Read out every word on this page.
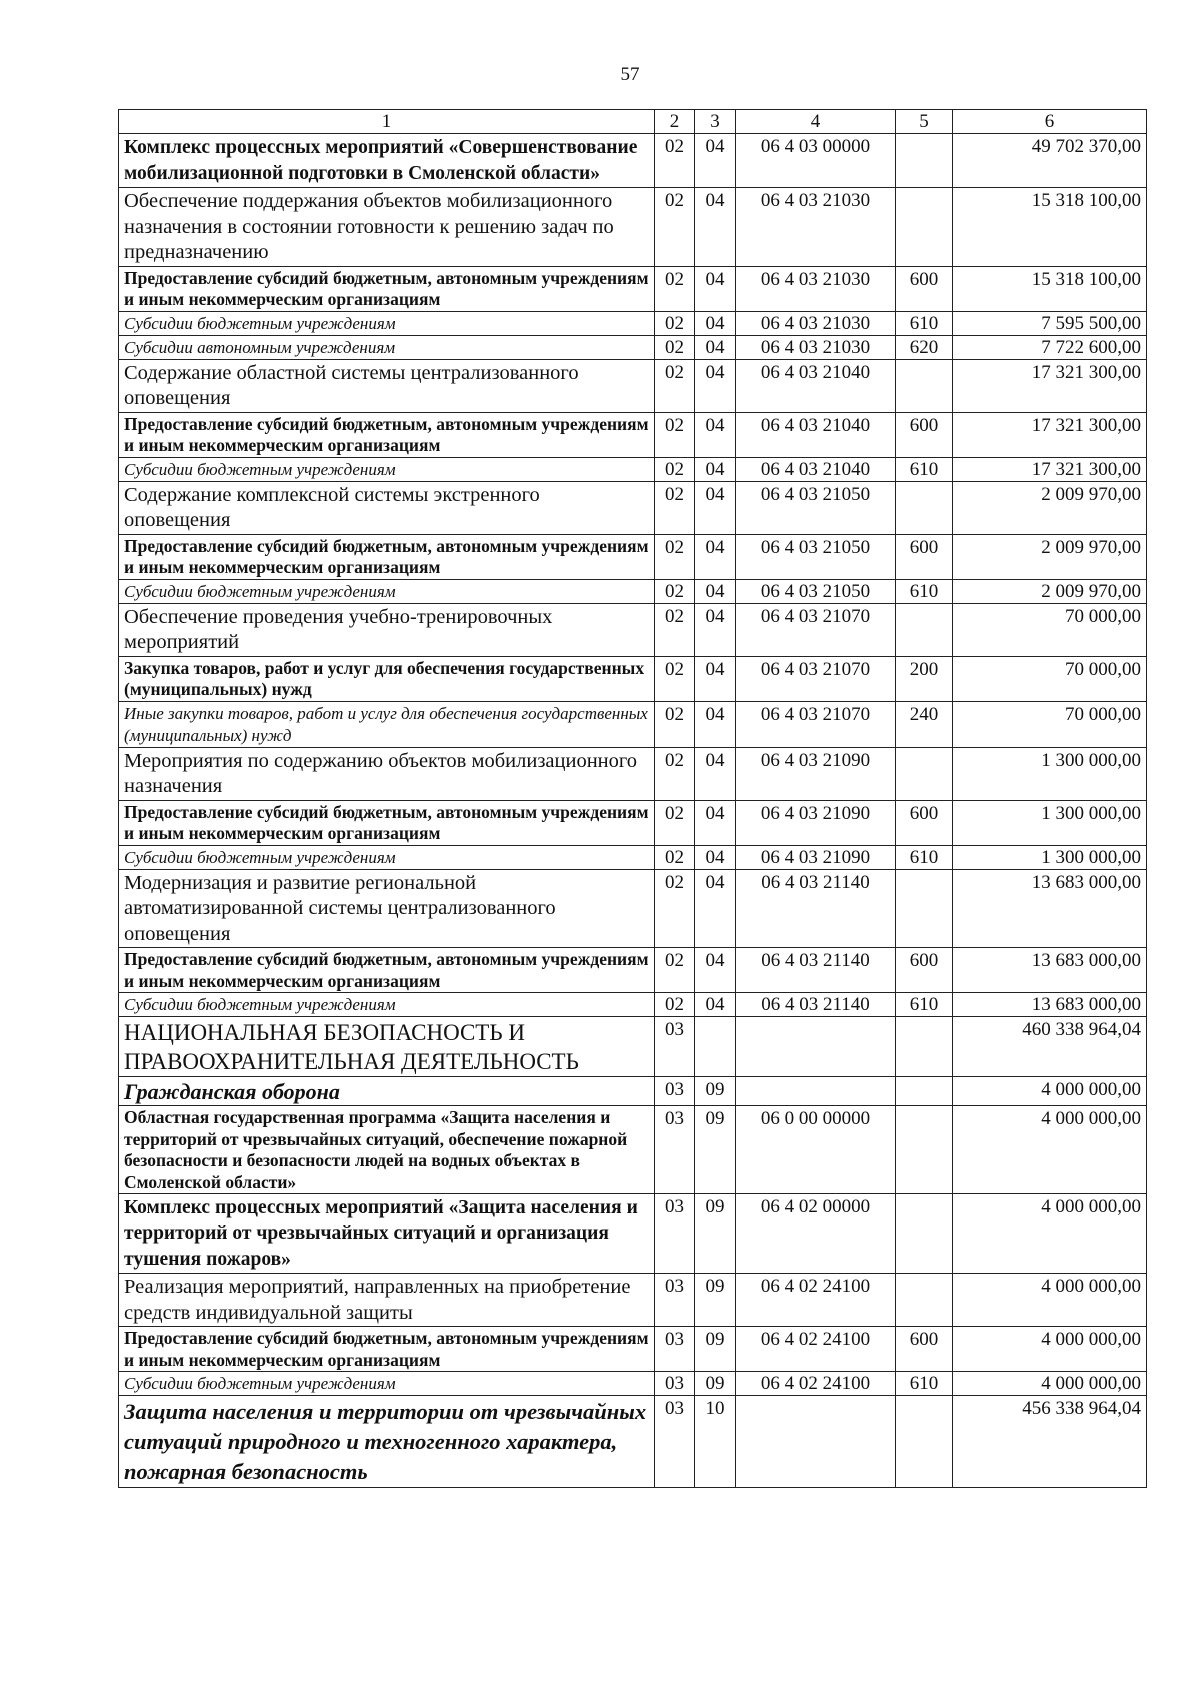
57
1	2	3	4	5	6
Комплекс процессных мероприятий «Совершенствование мобилизационной подготовки в Смоленской области»	02	04	06 4 03 00000		49 702 370,00
Обеспечение поддержания объектов мобилизационного назначения в состоянии готовности к решению задач по предназначению	02	04	06 4 03 21030		15 318 100,00
Предоставление субсидий бюджетным, автономным учреждениям и иным некоммерческим организациям	02	04	06 4 03 21030	600	15 318 100,00
Субсидии бюджетным учреждениям	02	04	06 4 03 21030	610	7 595 500,00
Субсидии автономным учреждениям	02	04	06 4 03 21030	620	7 722 600,00
Содержание областной системы централизованного оповещения	02	04	06 4 03 21040		17 321 300,00
Предоставление субсидий бюджетным, автономным учреждениям и иным некоммерческим организациям	02	04	06 4 03 21040	600	17 321 300,00
Субсидии бюджетным учреждениям	02	04	06 4 03 21040	610	17 321 300,00
Содержание комплексной системы экстренного оповещения	02	04	06 4 03 21050		2 009 970,00
Предоставление субсидий бюджетным, автономным учреждениям и иным некоммерческим организациям	02	04	06 4 03 21050	600	2 009 970,00
Субсидии бюджетным учреждениям	02	04	06 4 03 21050	610	2 009 970,00
Обеспечение проведения учебно-тренировочных мероприятий	02	04	06 4 03 21070		70 000,00
Закупка товаров, работ и услуг для обеспечения государственных (муниципальных) нужд	02	04	06 4 03 21070	200	70 000,00
Иные закупки товаров, работ и услуг для обеспечения государственных (муниципальных) нужд	02	04	06 4 03 21070	240	70 000,00
Мероприятия по содержанию объектов мобилизационного назначения	02	04	06 4 03 21090		1 300 000,00
Предоставление субсидий бюджетным, автономным учреждениям и иным некоммерческим организациям	02	04	06 4 03 21090	600	1 300 000,00
Субсидии бюджетным учреждениям	02	04	06 4 03 21090	610	1 300 000,00
Модернизация и развитие региональной автоматизированной системы централизованного оповещения	02	04	06 4 03 21140		13 683 000,00
Предоставление субсидий бюджетным, автономным учреждениям и иным некоммерческим организациям	02	04	06 4 03 21140	600	13 683 000,00
Субсидии бюджетным учреждениям	02	04	06 4 03 21140	610	13 683 000,00
НАЦИОНАЛЬНАЯ БЕЗОПАСНОСТЬ И ПРАВООХРАНИТЕЛЬНАЯ ДЕЯТЕЛЬНОСТЬ	03				460 338 964,04
Гражданская оборона	03	09			4 000 000,00
Областная государственная программа «Защита населения и территорий от чрезвычайных ситуаций, обеспечение пожарной безопасности и безопасности людей на водных объектах в Смоленской области»	03	09	06 0 00 00000		4 000 000,00
Комплекс процессных мероприятий «Защита населения и территорий от чрезвычайных ситуаций и организация тушения пожаров»	03	09	06 4 02 00000		4 000 000,00
Реализация мероприятий, направленных на приобретение средств индивидуальной защиты	03	09	06 4 02 24100		4 000 000,00
Предоставление субсидий бюджетным, автономным учреждениям и иным некоммерческим организациям	03	09	06 4 02 24100	600	4 000 000,00
Субсидии бюджетным учреждениям	03	09	06 4 02 24100	610	4 000 000,00
Защита населения и территории от чрезвычайных ситуаций природного и техногенного характера, пожарная безопасность	03	10			456 338 964,04
